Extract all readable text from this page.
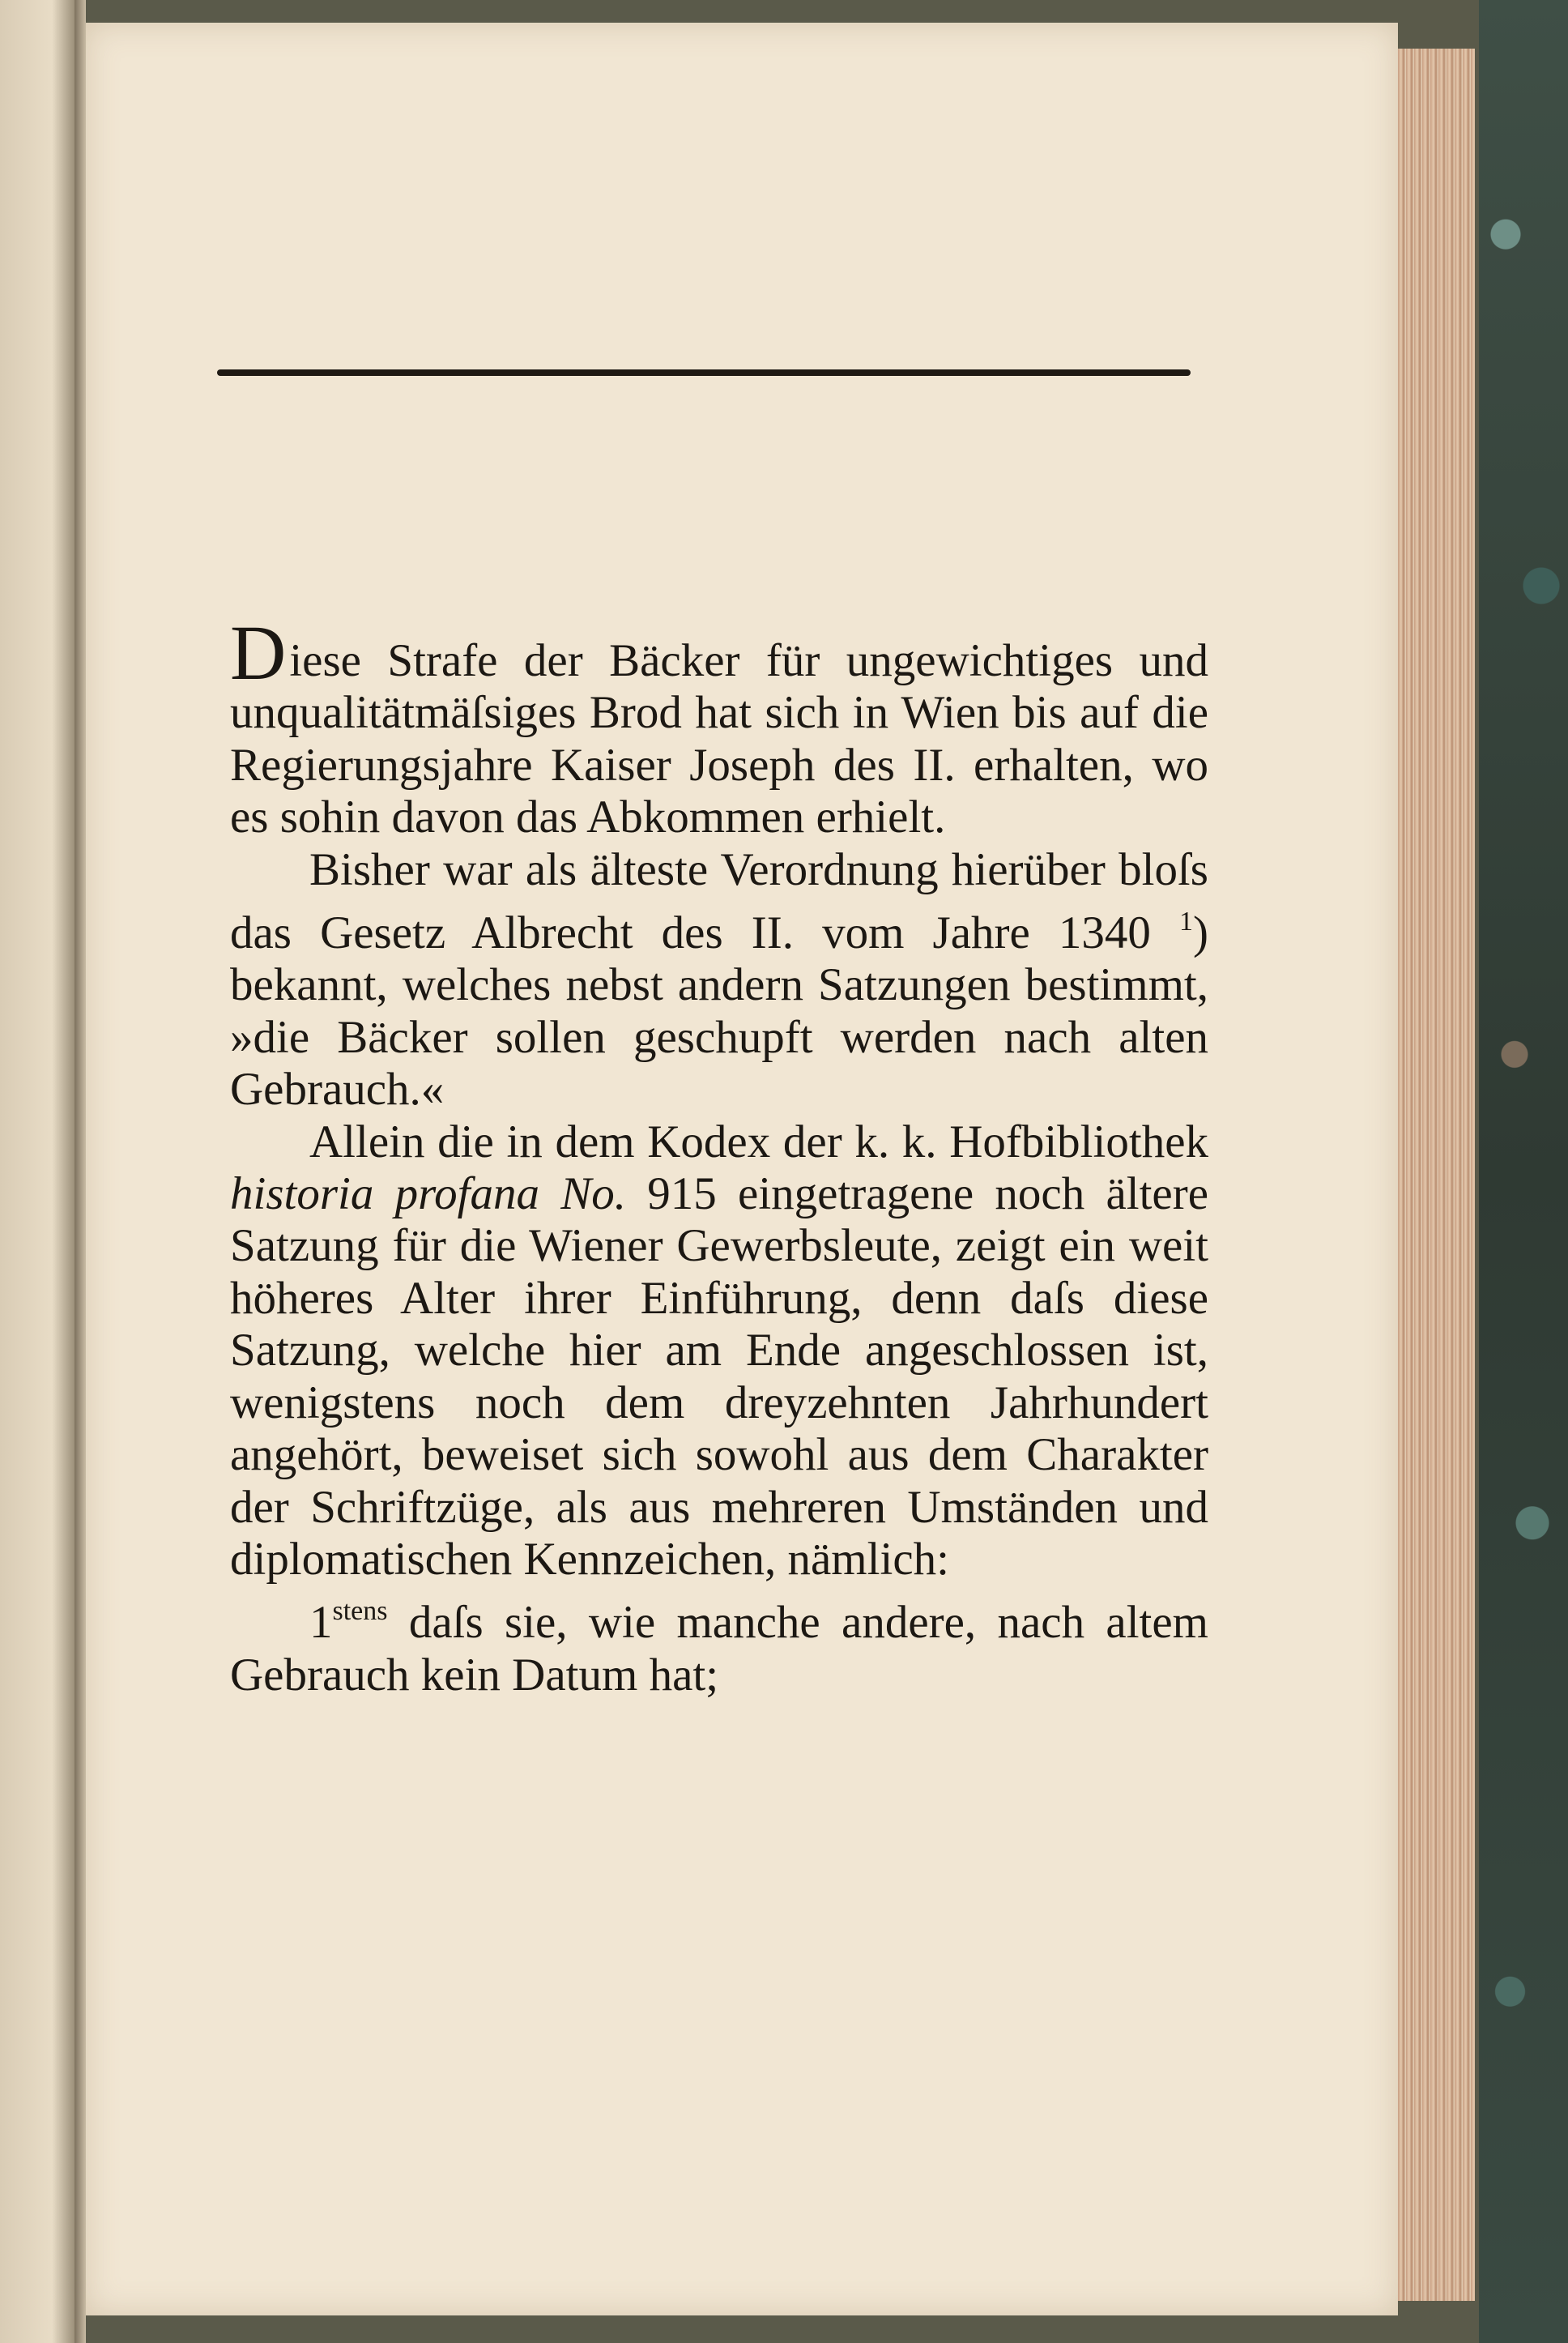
Diese Strafe der Bäcker für ungewichtiges und unqualitätmäſsiges Brod hat sich in Wien bis auf die Regierungsjahre Kaiser Joseph des II. erhalten, wo es sohin davon das Abkommen erhielt.

Bisher war als älteste Verordnung hierüber bloſs das Gesetz Albrecht des II. vom Jahre 1340 $^1$) bekannt, welches nebst andern Satzungen bestimmt, »die Bäcker sollen geschupft werden nach alten Gebrauch.«

Allein die in dem Kodex der k. k. Hofbibliothek historia profana No. 915 eingetragene noch ältere Satzung für die Wiener Gewerbsleute, zeigt ein weit höheres Alter ihrer Einführung, denn daſs diese Satzung, welche hier am Ende angeschlossen ist, wenigstens noch dem dreyzehnten Jahrhundert angehört, beweiset sich sowohl aus dem Charakter der Schriftzüge, als aus mehreren Umständen und diplomatischen Kennzeichen, nämlich:

$1^{stens}$ daſs sie, wie manche andere, nach altem Gebrauch kein Datum hat;
